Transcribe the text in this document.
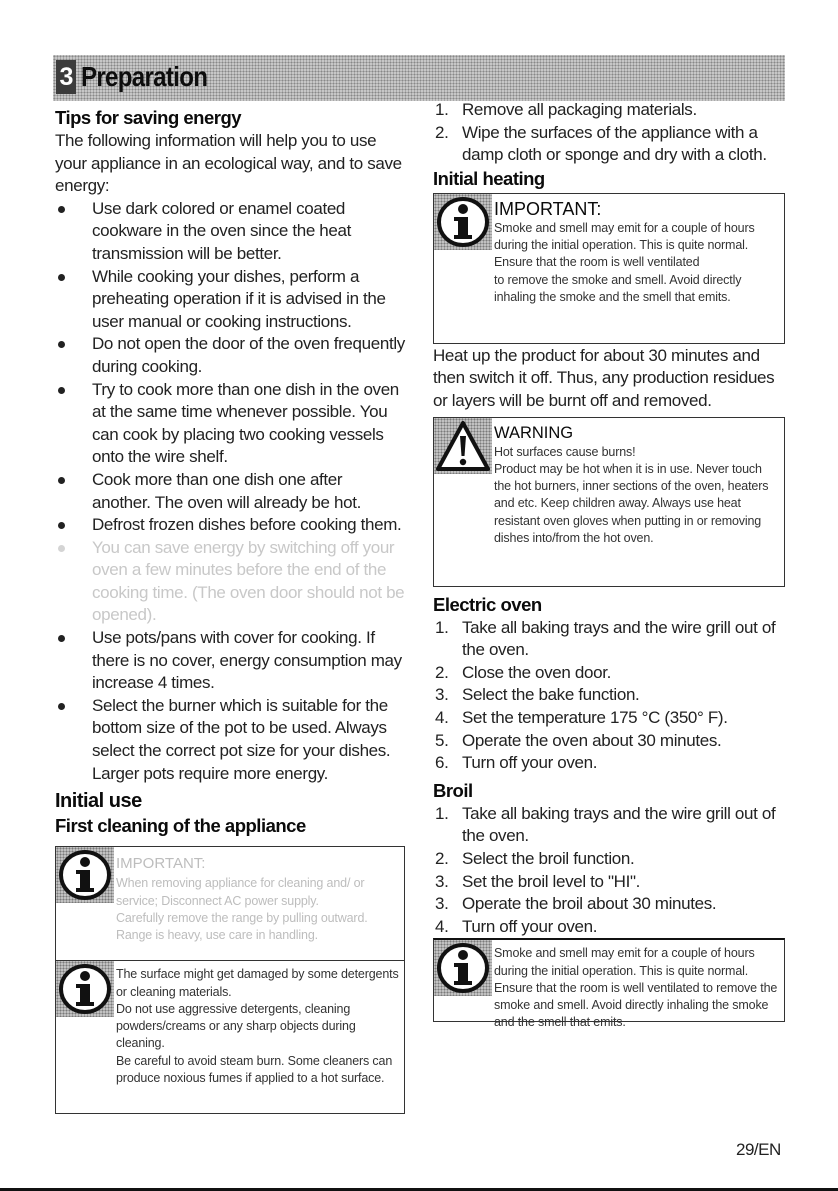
3 Preparation
Tips for saving energy
The following information will help you to use your appliance in an ecological way, and to save energy:
Use dark colored or enamel coated cookware in the oven since the heat transmission will be better.
While cooking your dishes, perform a preheating operation if it is advised in the user manual or cooking instructions.
Do not open the door of the oven frequently during cooking.
Try to cook more than one dish in the oven at the same time whenever possible. You can cook by placing two cooking vessels onto the wire shelf.
Cook more than one dish one after another. The oven will already be hot.
Defrost frozen dishes before cooking them.
You can save energy by switching off your oven a few minutes before the end of the cooking time. (The oven door should not be opened).
Use pots/pans with cover for cooking. If there is no cover, energy consumption may increase 4 times.
Select the burner which is suitable for the bottom size of the pot to be used. Always select the correct pot size for your dishes. Larger pots require more energy.
Initial use
First cleaning of the appliance
IMPORTANT:
When removing appliance for cleaning and/ or service; Disconnect AC power supply.
Carefully remove the range by pulling outward. Range is heavy, use care in handling.
The surface might get damaged by some detergents or cleaning materials.
Do not use aggressive detergents, cleaning powders/creams or any sharp objects during cleaning.
Be careful to avoid steam burn. Some cleaners can produce noxious fumes if applied to a hot surface.
1. Remove all packaging materials.
2. Wipe the surfaces of the appliance with a damp cloth or sponge and dry with a cloth.
Initial heating
IMPORTANT:
Smoke and smell may emit for a couple of hours during the initial operation. This is quite normal. Ensure that the room is well ventilated
to remove the smoke and smell. Avoid directly inhaling the smoke and the smell that emits.
Heat up the product for about 30 minutes and then switch it off. Thus, any production residues or layers will be burnt off and removed.
WARNING
Hot surfaces cause burns!
Product may be hot when it is in use. Never touch the hot burners, inner sections of the oven, heaters and etc. Keep children away. Always use heat resistant oven gloves when putting in or removing dishes into/from the hot oven.
Electric oven
1. Take all baking trays and the wire grill out of the oven.
2. Close the oven door.
3. Select the bake function.
4. Set the temperature 175 °C (350° F).
5. Operate the oven about 30 minutes.
6. Turn off your oven.
Broil
1. Take all baking trays and the wire grill out of the oven.
2. Select the broil function.
3. Set the broil level to "HI".
3. Operate the broil about 30 minutes.
4. Turn off your oven.
Smoke and smell may emit for a couple of hours during the initial operation. This is quite normal. Ensure that the room is well ventilated to remove the smoke and smell. Avoid directly inhaling the smoke and the smell that emits.
29/EN
